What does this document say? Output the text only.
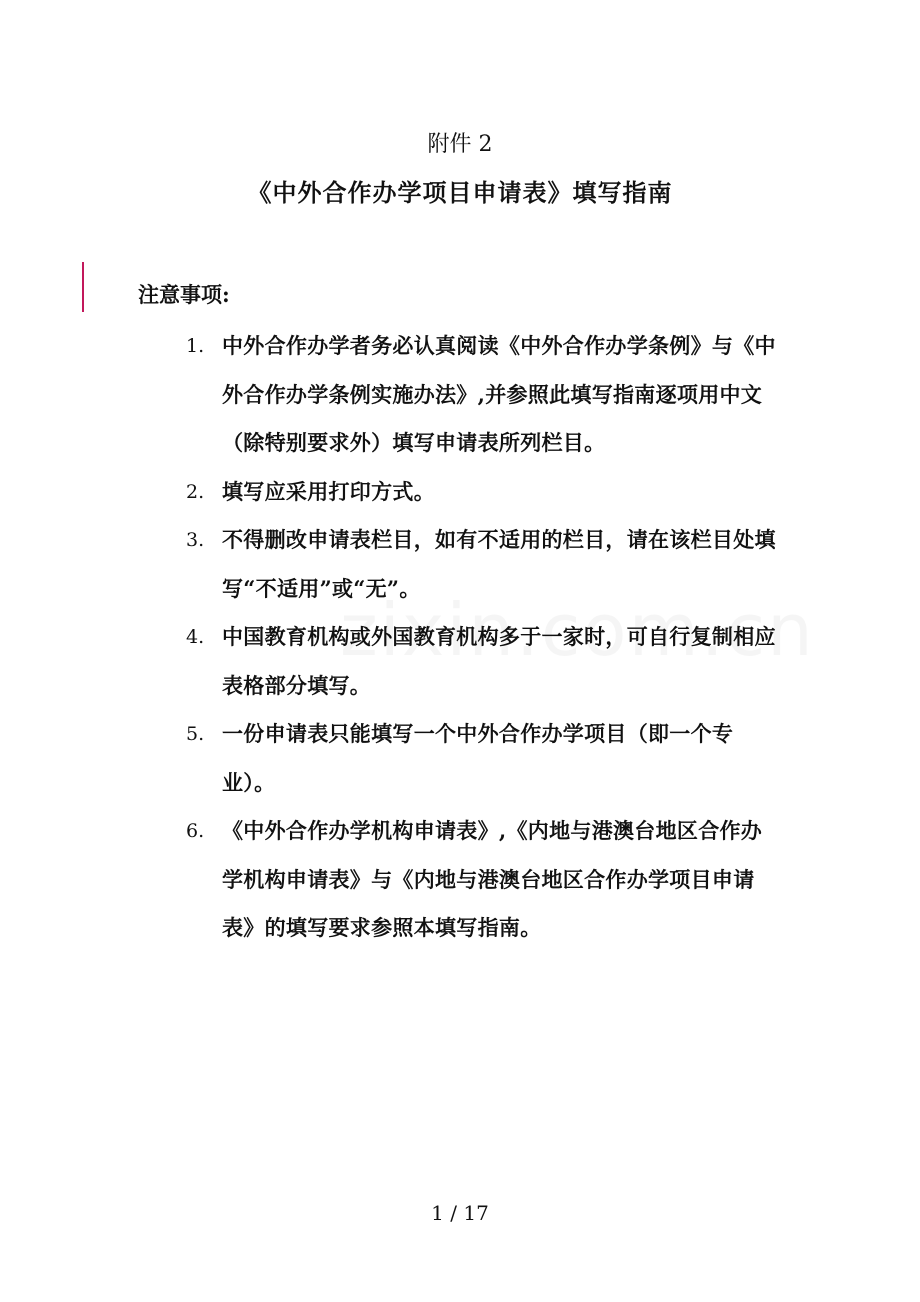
附件 2
《中外合作办学项目申请表》填写指南
注意事项:
1. 中外合作办学者务必认真阅读《中外合作办学条例》与《中外合作办学条例实施办法》,并参照此填写指南逐项用中文（除特别要求外）填写申请表所列栏目。
2. 填写应采用打印方式。
3. 不得删改申请表栏目，如有不适用的栏目，请在该栏目处填写“不适用”或“无”。
4. 中国教育机构或外国教育机构多于一家时，可自行复制相应表格部分填写。
5. 一份申请表只能填写一个中外合作办学项目（即一个专业）。
6. 《中外合作办学机构申请表》,《内地与港澳台地区合作办学机构申请表》与《内地与港澳台地区合作办学项目申请表》的填写要求参照本填写指南。
1 / 17
